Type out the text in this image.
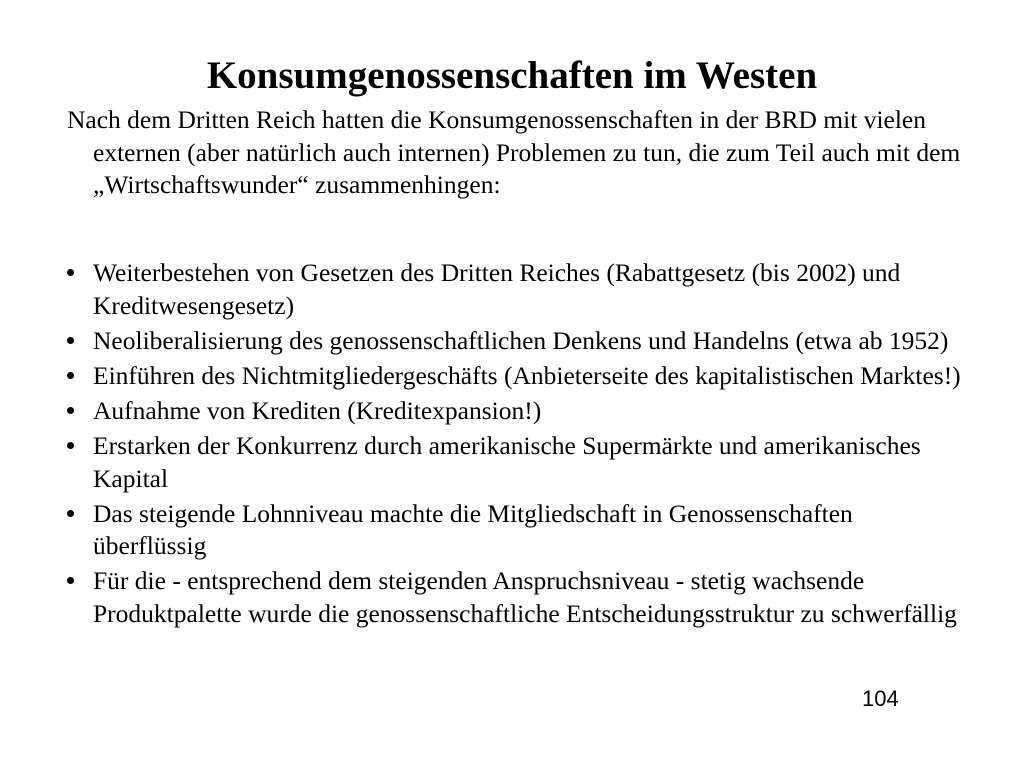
Konsumgenossenschaften im Westen

Nach dem Dritten Reich hatten die Konsumgenossenschaften in der BRD mit vielen externen (aber natürlich auch internen) Problemen zu tun, die zum Teil auch mit dem „Wirtschaftswunder“ zusammenhingen:

Weiterbestehen von Gesetzen des Dritten Reiches (Rabattgesetz (bis 2002) und Kreditwesengesetz)
Neoliberalisierung des genossenschaftlichen Denkens und Handelns (etwa ab 1952)
Einführen des Nichtmitgliedergeschäfts (Anbieterseite des kapitalistischen Marktes!)
Aufnahme von Krediten (Kreditexpansion!)
Erstarken der Konkurrenz durch amerikanische Supermärkte und amerikanisches Kapital
Das steigende Lohnniveau machte die Mitgliedschaft in Genossenschaften überflüssig
Für die - entsprechend dem steigenden Anspruchsniveau - stetig wachsende Produktpalette wurde die genossenschaftliche Entscheidungsstruktur zu schwerfällig
104
